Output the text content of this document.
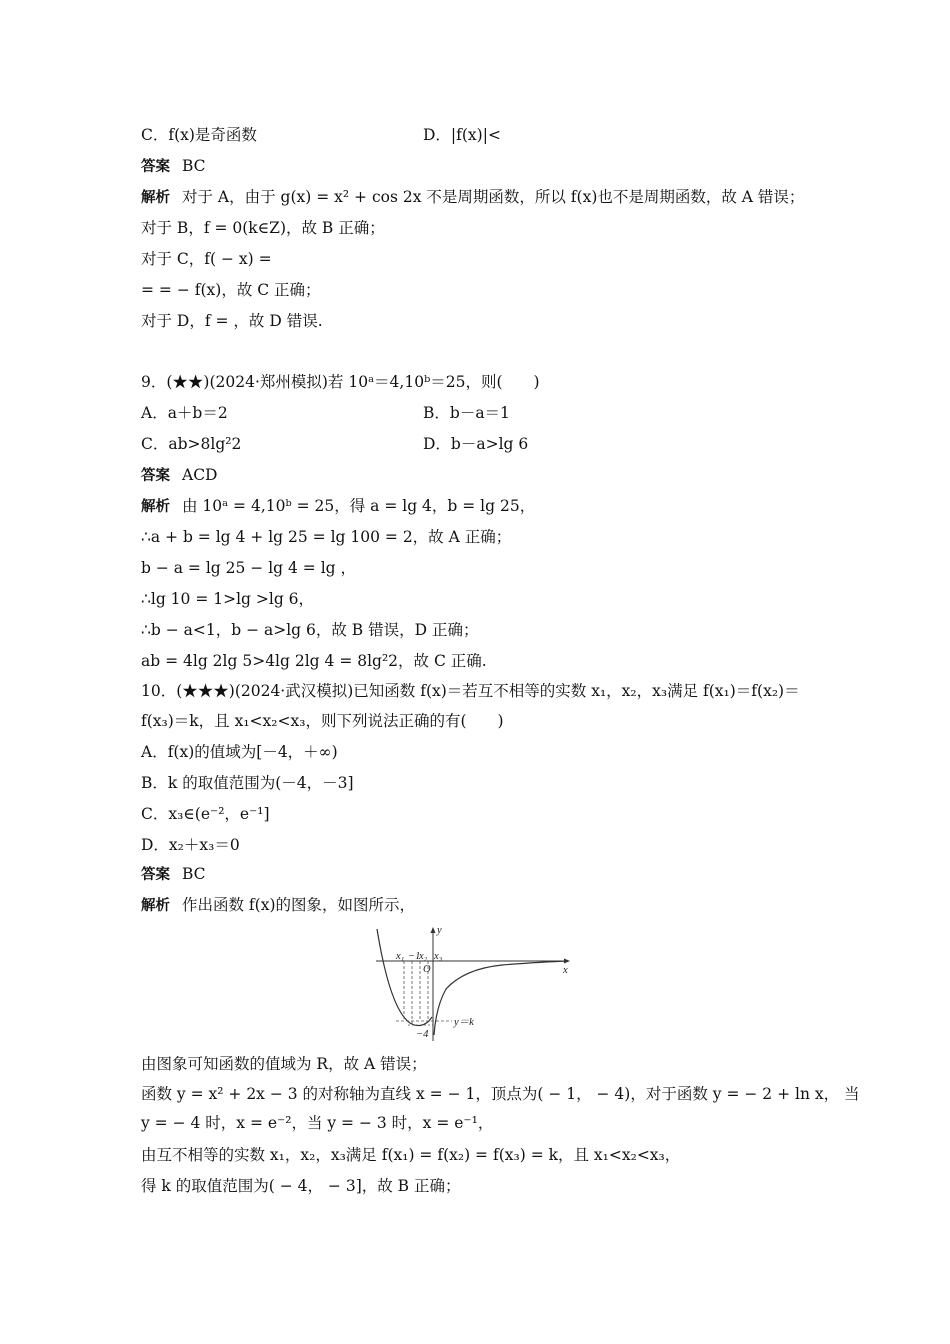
C．f(x)是奇函数	D．|f(x)|<
答案 BC
解析 对于 A，由于 g(x) = x² + cos 2x 不是周期函数，所以 f(x)也不是周期函数，故 A 错误；
对于 B，f = 0(k∈Z)，故 B 正确；
对于 C，f( − x) =
= = − f(x)，故 C 正确；
对于 D，f = ，故 D 错误.
9．(★★)(2024·郑州模拟)若 10ᵃ＝4,10ᵇ＝25，则(　　)
A．a＋b＝2	B．b－a＝1
C．ab>8lg²2	D．b－a>lg 6
答案 ACD
解析 由 10ᵃ = 4,10ᵇ = 25，得 a = lg 4，b = lg 25，
∴a + b = lg 4 + lg 25 = lg 100 = 2，故 A 正确；
b − a = lg 25 − lg 4 = lg ，
∴lg 10 = 1>lg >lg 6，
∴b − a<1，b − a>lg 6，故 B 错误，D 正确；
ab = 4lg 2lg 5>4lg 2lg 4 = 8lg²2，故 C 正确.
10．(★★★)(2024·武汉模拟)已知函数 f(x)＝若互不相等的实数 x₁，x₂，x₃满足 f(x₁)＝f(x₂)＝
f(x₃)＝k，且 x₁<x₂<x₃，则下列说法正确的有(　　)
A．f(x)的值域为[－4，＋∞)
B．k 的取值范围为(－4，－3]
C．x₃∈(e⁻²，e⁻¹]
D．x₂＋x₃＝0
答案 BC
解析 作出函数 f(x)的图象，如图所示，
x₁ −1
x₂ x₃
O	x
y
y＝k
−4
由图象可知函数的值域为 R，故 A 错误；
函数 y = x² + 2x − 3 的对称轴为直线 x = − 1，顶点为( − 1， − 4)，对于函数 y = − 2 + ln x， 当
y = − 4 时，x = e⁻²，当 y = − 3 时，x = e⁻¹，
由互不相等的实数 x₁，x₂，x₃满足 f(x₁) = f(x₂) = f(x₃) = k，且 x₁<x₂<x₃，
得 k 的取值范围为( − 4， − 3]，故 B 正确；
